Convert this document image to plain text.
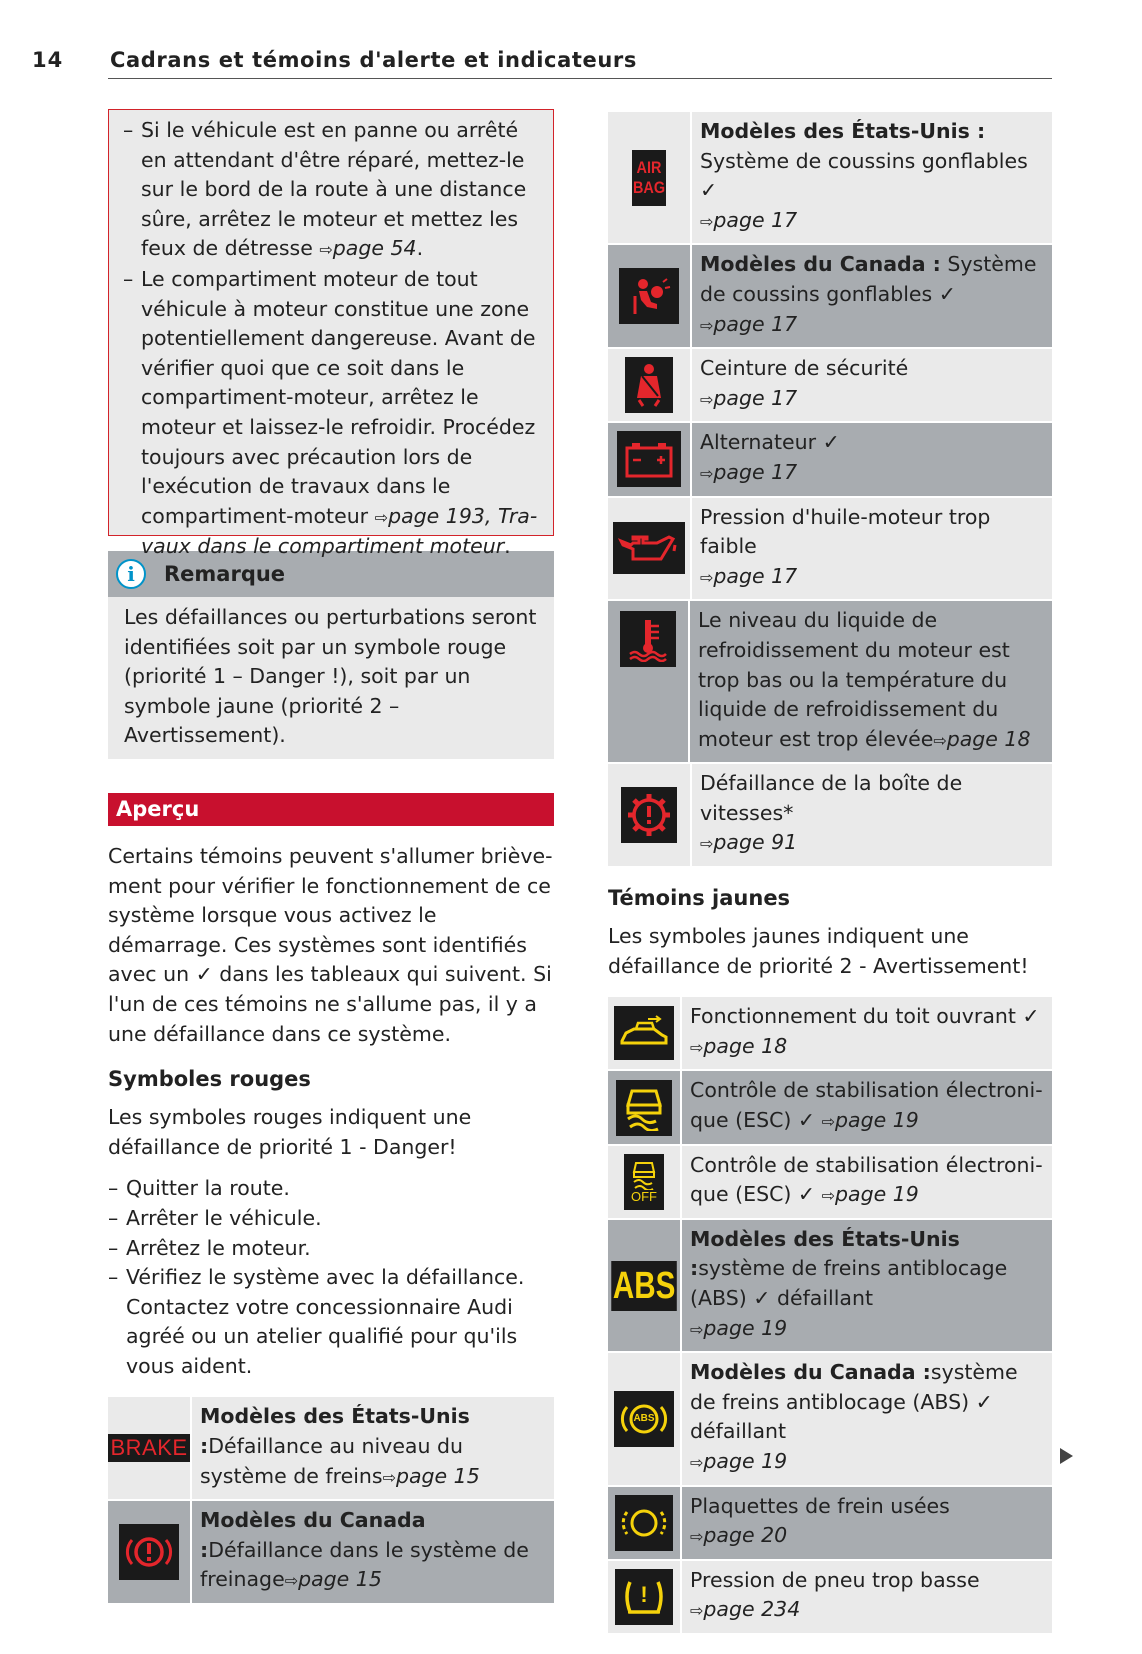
14 Cadrans et témoins d'alerte et indicateurs
– Si le véhicule est en panne ou arrêté en attendant d'être réparé, mettez-le sur le bord de la route à une distance sûre, arrêtez le moteur et mettez les feux de détresse ⇨page 54.
– Le compartiment moteur de tout véhicule à moteur constitue une zone potentiellement dangereuse. Avant de vérifier quoi que ce soit dans le compartiment-moteur, arrêtez le moteur et laissez-le refroidir. Procédez toujours avec précaution lors de l'exécution de travaux dans le compartiment-moteur ⇨page 193, Travaux dans le compartiment moteur.
i	Remarque
Les défaillances ou perturbations seront identifiées soit par un symbole rouge (priorité 1 – Danger !), soit par un symbole jaune (priorité 2 – Avertissement).
Aperçu
Certains témoins peuvent s'allumer brièvement pour vérifier le fonctionnement de ce système lorsque vous activez le démarrage. Ces systèmes sont identifiés avec un ✓ dans les tableaux qui suivent. Si l'un de ces témoins ne s'allume pas, il y a une défaillance dans ce système.
Symboles rouges
Les symboles rouges indiquent une défaillance de priorité 1 - Danger!
– Quitter la route.
– Arrêter le véhicule.
– Arrêtez le moteur.
– Vérifiez le système avec la défaillance. Contactez votre concessionnaire Audi agréé ou un atelier qualifié pour qu'ils vous aident.
BRAKE
Modèles des États-Unis :Défaillance au niveau du système de freins⇨page 15
Modèles du Canada :Défaillance dans le système de freinage⇨page 15
AIR
BAG
Modèles des États-Unis : Système de coussins gonflables ✓
⇨page 17
Modèles du Canada : Système de coussins gonflables ✓
⇨page 17
Ceinture de sécurité
⇨page 17
Alternateur ✓
⇨page 17
Pression d'huile-moteur trop faible
⇨page 17
Le niveau du liquide de refroidissement du moteur est trop bas ou la température du liquide de refroidissement du moteur est trop élevée⇨page 18
Défaillance de la boîte de vitesses*
⇨page 91
Témoins jaunes
Les symboles jaunes indiquent une défaillance de priorité 2 - Avertissement!
Fonctionnement du toit ouvrant ✓
⇨page 18
Contrôle de stabilisation électronique (ESC) ✓ ⇨page 19
OFF
Contrôle de stabilisation électronique (ESC) ✓ ⇨page 19
ABS
Modèles des États-Unis :système de freins antiblocage (ABS) ✓ défaillant
⇨page 19
ABS
Modèles du Canada :système de freins antiblocage (ABS) ✓ défaillant
⇨page 19
Plaquettes de frein usées
⇨page 20
!
Pression de pneu trop basse
⇨page 234
